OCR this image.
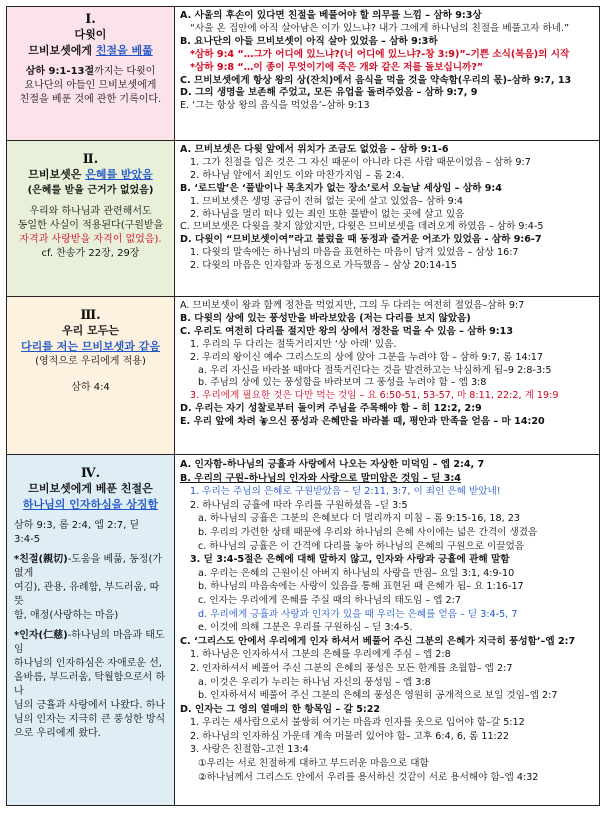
Ⅰ.
다윗이
므비보셋에게 친절을 베풂
삼하 9:1-13절까지는 다윗이
요나단의 아들인 므비보셋에게
친절을 베푼 것에 관한 기록이다.
A. 사울의 후손이 있다면 친절을 베풀어야 할 의무를 느낌 – 삼하 9:3상
“사울 온 집안에 아직 살아남은 이가 있느냐? 내가 그에게 하나님의 친절을 베풀고자 하네.”
B. 요나단의 아들 므비보셋이 아직 살아 있었음 – 삼하 9:3하
*삼하 9:4 “…그가 어디에 있느냐?(너 어디에 있느냐?-창 3:9)”–기쁜 소식(복음)의 시작
*삼하 9:8 “…이 종이 무엇이기에 죽은 개와 같은 저를 돌보십니까?”
C. 므비보셋에게 항상 왕의 상(잔치)에서 음식을 먹을 것을 약속함(우리의 몫)–삼하 9:7, 13
D. 그의 생명을 보존해 주었고, 모든 유업을 돌려주었음 – 삼하 9:7, 9
E. ‘그는 항상 왕의 음식을 먹었음’–삼하 9:13
Ⅱ.
므비보셋은 은혜를 받았음
(은혜를 받을 근거가 없었음)
우리와 하나님과 관련해서도
동일한 사실이 적용된다(구원받을
자격과 사랑받을 자격이 없었음).
cf. 찬송가 22장, 29장
A. 므비보셋은 다윗 앞에서 위치가 조금도 없었음 – 삼하 9:1-6
1. 그가 친절을 입은 것은 그 자신 때문이 아니라 다른 사람 때문이었음 – 삼하 9:7
2. 하나님 앞에서 죄인도 이와 마찬가지임 – 롬 2:4.
B. ‘로드발’은 ‘풀밭이나 목초지가 없는 장소’로서 오늘날 세상임 – 삼하 9:4
1. 므비보셋은 생명 공급이 전혀 없는 곳에 살고 있었음– 삼하 9:4
2. 하나님을 멀리 떠나 있는 죄인 또한 풀밭이 없는 곳에 살고 있음
C. 므비보셋은 다윗을 찾지 않았지만, 다윗은 므비보셋을 데려오게 하였음 – 삼하 9:4-5
D. 다윗이 “므비보셋이여”라고 불렀을 때 동정과 즐거운 어조가 있었음 - 삼하 9:6-7
1. 다윗의 말속에는 하나님의 마음을 표현하는 마음이 담겨 있었음 – 삼상 16:7
2. 다윗의 마음은 인자함과 동정으로 가득했음 – 삼상 20:14-15
Ⅲ.
우리 모두는
다리를 저는 므비보셋과 같음
(영적으로 우리에게 적용)
삼하 4:4
A. 므비보셋이 왕과 함께 정찬을 먹었지만, 그의 두 다리는 여전히 절었음–삼하 9:7
B. 다윗의 상에 있는 풍성만을 바라보았음 (저는 다리를 보지 않았음)
C. 우리도 여전히 다리를 절지만 왕의 상에서 정찬을 먹을 수 있음 – 삼하 9:13
1. 우리의 두 다리는 절뚝거리지만 ‘상 아래’ 있음.
2. 우리의 왕이신 예수 그리스도의 상에 앉아 그분을 누려야 함 – 삼하 9:7, 롬 14:17
a. 우리 자신을 바라볼 때마다 절뚝거린다는 것을 발견하고는 낙심하게 됨–9 2:8-3:5
b. 주님의 상에 있는 풍성함을 바라보며 그 풍성을 누려야 함 – 엡 3:8
3. 우리에게 필요한 것은 다만 먹는 것임 – 요 6:50-51, 53-57, 마 8:11, 22:2, 계 19:9
D. 우리는 자기 성찰로부터 돌이켜 주님을 주목해야 함 – 히 12:2, 2:9
E. 우리 앞에 차려 놓으신 풍성과 은혜만을 바라볼 때, 평안과 만족을 얻음 – 마 14:20
Ⅳ.
므비보셋에게 베푼 친절은
하나님의 인자하심을 상징함
삼하 9:3, 롬 2:4, 엡 2:7, 딛
3:4-5
*친절(親切)-도움을 베풂, 동정(가엾게
여김), 관용, 유례함, 부드러움, 따뜻
함, 애정(사랑하는 마음)
*인자(仁慈)-하나님의 마음과 태도임
하나님의 인자하심은 자애로운 선,
올바름, 부드러움, 탁월함으로서 하나
님의 긍휼과 사랑에서 나왔다. 하나
님의 인자는 지극히 큰 풍성한 방식
으로 우리에게 왔다.
A. 인자함–하나님의 긍휼과 사랑에서 나오는 자상한 미덕임 – 엡 2:4, 7
B. 우리의 구원–하나님의 인자와 사랑으로 말미암은 것임 – 딛 3:4
1. 우리는 주님의 은혜로 구원받았음 – 딛 2:11, 3:7, 이 죄인 은혜 받았네!
2. 하나님의 긍휼에 따라 우리를 구원하셨음 –딛 3:5
a. 하나님의 긍휼은 그분의 은혜보다 더 멀리까지 미침 – 롬 9:15-16, 18, 23
b. 우리의 가련한 상태 때문에 우리와 하나님의 은혜 사이에는 넓은 간격이 생겼음
c. 하나님의 긍휼은 이 간격에 다리를 놓아 하나님의 은혜의 구원으로 이끌었음
3. 딛 3:4-5절은 은혜에 대해 말하지 않고, 인자와 사랑과 긍휼에 관해 말함
a. 우리는 은혜의 근원이신 아버지 하나님의 사랑을 만짐– 요일 3:1, 4:9-10
b. 하나님의 마음속에는 사랑이 있음을 통해 표현된 때 은혜가 됨– 요 1:16-17
c. 인자는 우리에게 은혜를 주실 때의 하나님의 태도임 – 엡 2:7
d. 우리에게 긍휼과 사랑과 인자가 있을 때 우리는 은혜를 얻음 – 딛 3:4-5, 7
e. 이것에 의해 그분은 우리를 구원하심 – 딛 3:4-5.
C. ‘그리스도 안에서 우리에게 인자 하셔서 베풀어 주신 그분의 은혜가 지극히 풍성함’–엡 2:7
1. 하나님은 인자하셔서 그분의 은혜를 우리에게 주심 – 엡 2:8
2. 인자하셔서 베풀어 주신 그분의 은혜의 풍성은 모든 한계를 초월함– 엡 2:7
a. 이것은 우리가 누리는 하나님 자신의 풍성임 – 엡 3:8
b. 인자하셔서 베풀어 주신 그분의 은혜의 풍성은 영원히 공개적으로 보일 것임–엡 2:7
D. 인자는 그 영의 열매의 한 항목임 – 갈 5:22
1. 우리는 새사람으로서 불쌍히 여기는 마음과 인자를 옷으로 입어야 함–갈 5:12
2. 하나님의 인자하심 가운데 계속 머물러 있어야 함– 고후 6:4, 6, 롬 11:22
3. 사랑은 친절함–고전 13:4
①우리는 서로 친절하게 대하고 부드러운 마음으로 대함
②하나님께서 그리스도 안에서 우리를 용서하신 것같이 서로 용서해야 함–엡 4:32
